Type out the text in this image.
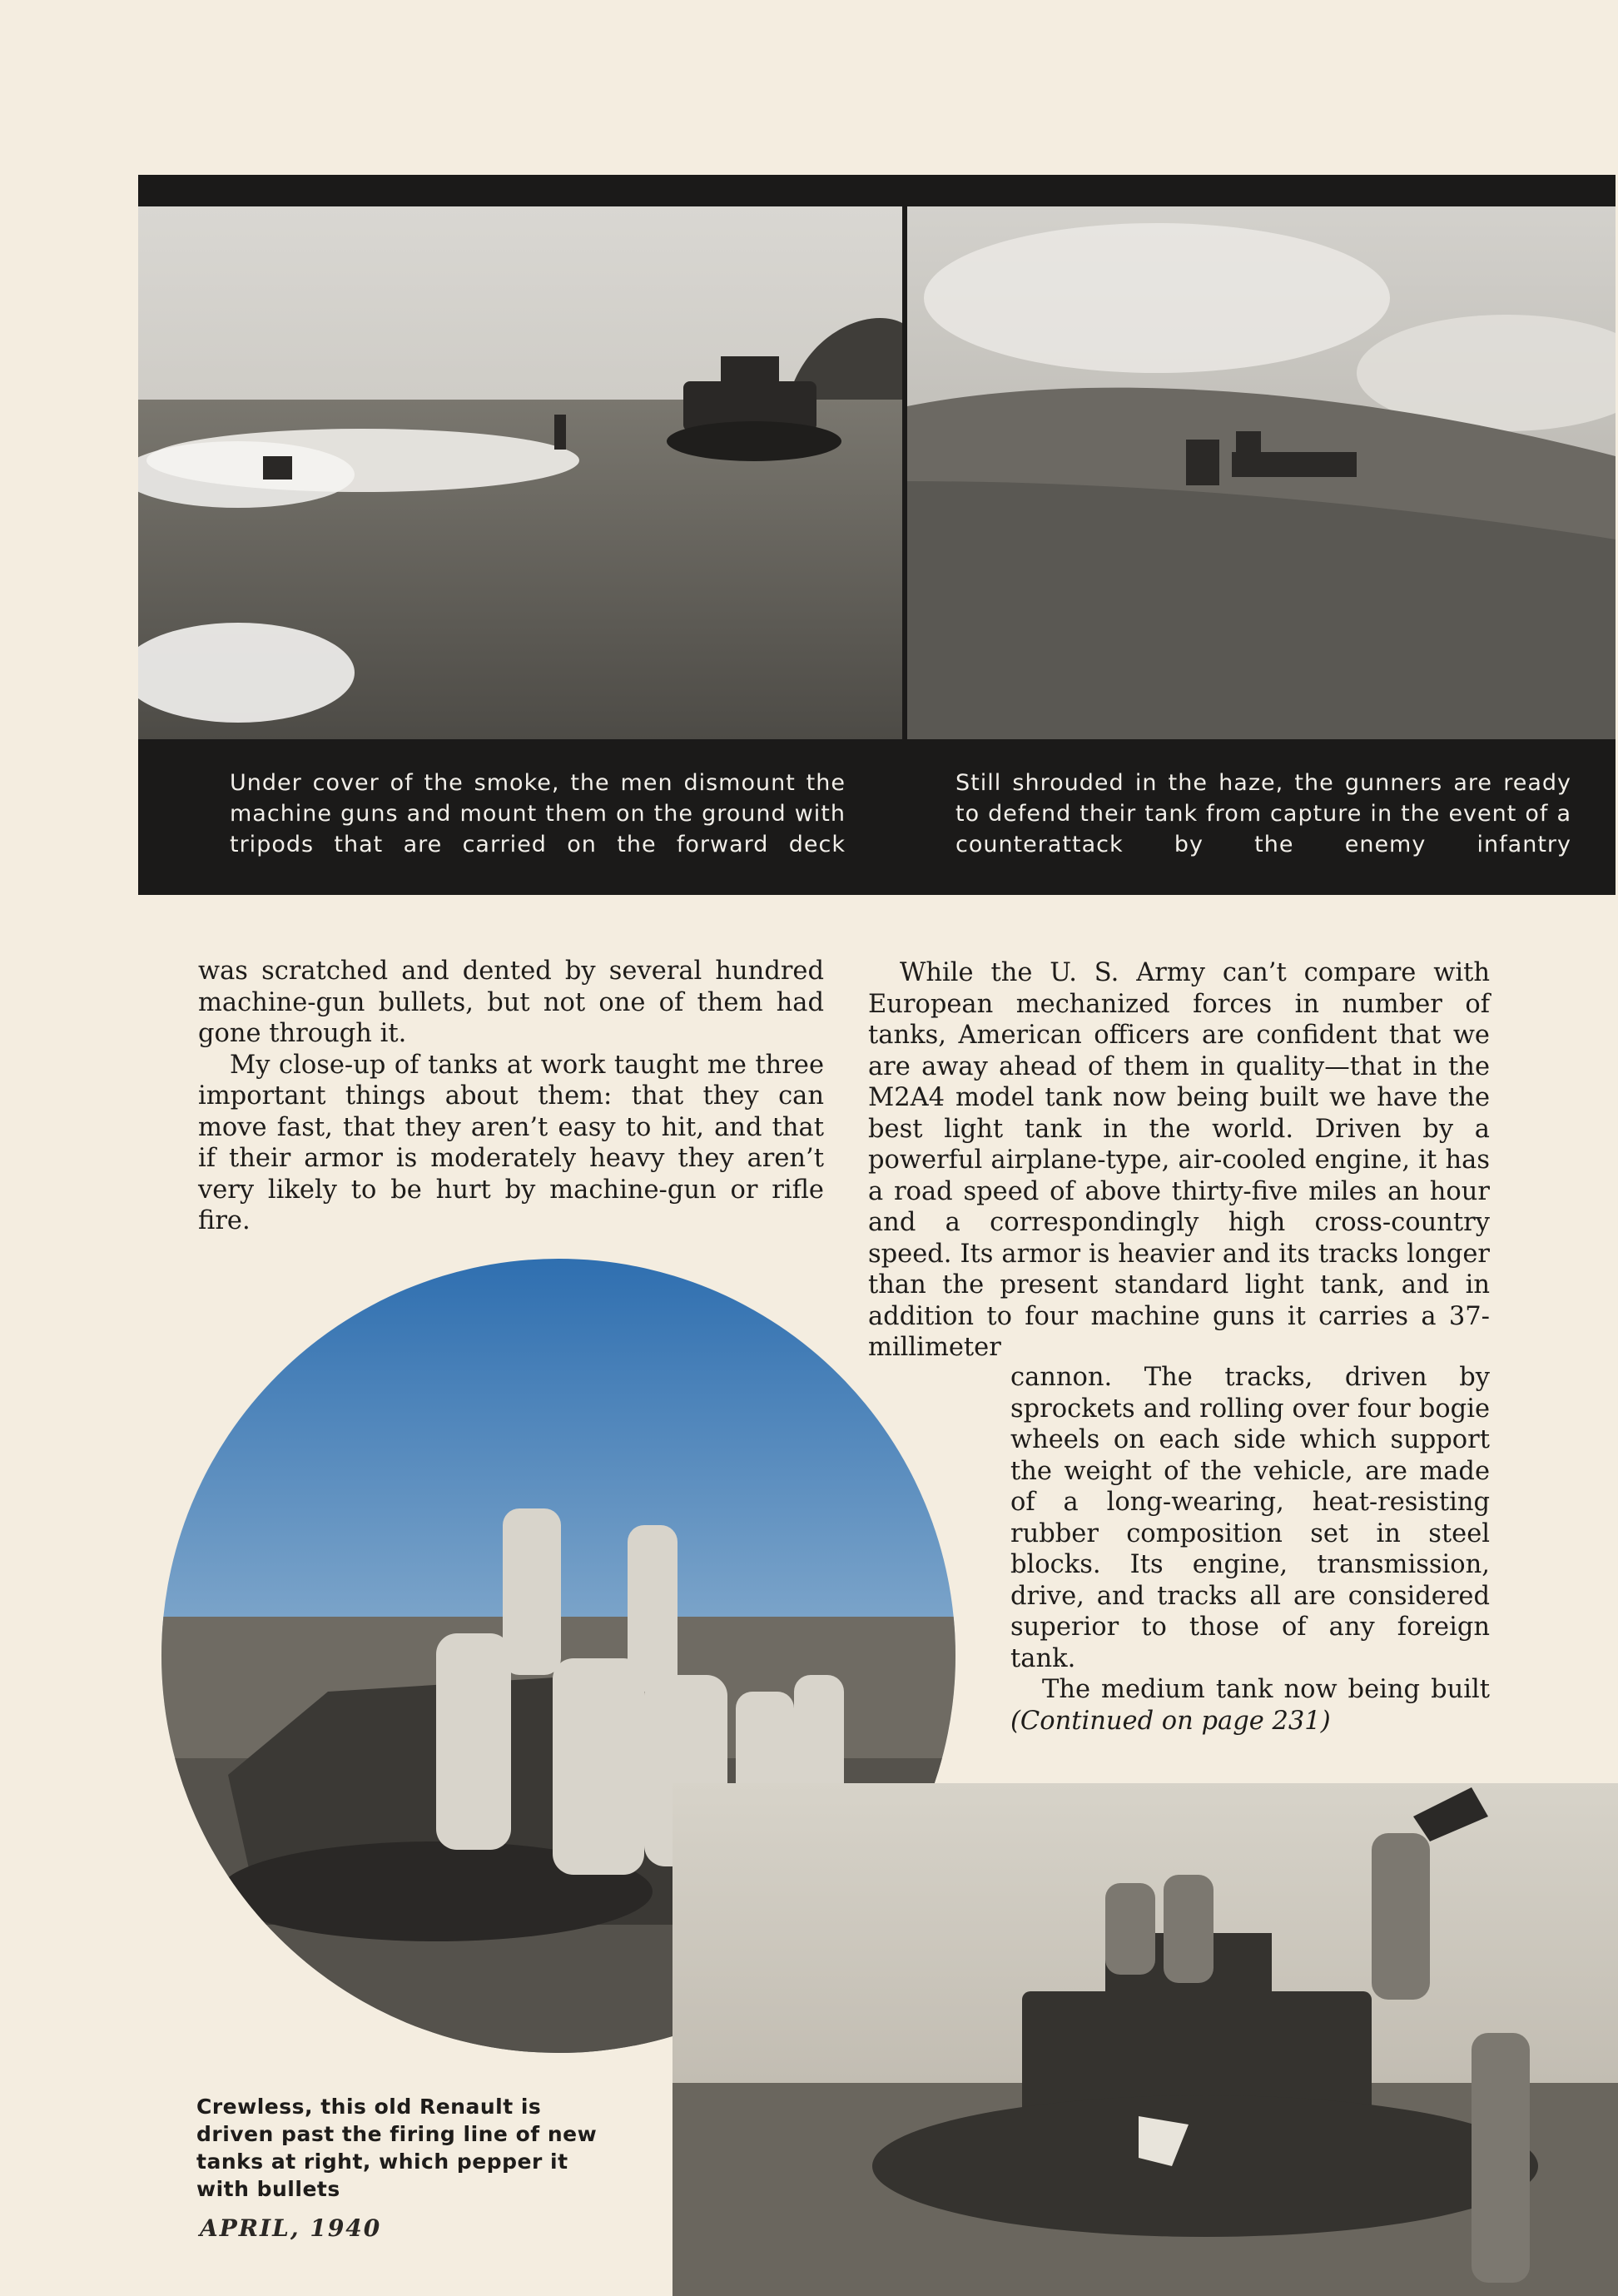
Under cover of the smoke, the men dismount the machine guns and mount them on the ground with tripods that are carried on the forward deck
Still shrouded in the haze, the gunners are ready to defend their tank from capture in the event of a counterattack by the enemy infantry

was scratched and dented by several hundred machine-gun bullets, but not one of them had gone through it.

My close-up of tanks at work taught me three important things about them: that they can move fast, that they aren’t easy to hit, and that if their armor is moderately heavy they aren’t very likely to be hurt by machine-gun or rifle fire.

While the U. S. Army can’t compare with European mechanized forces in number of tanks, American officers are confident that we are away ahead of them in quality—that in the M2A4 model tank now being built we have the best light tank in the world. Driven by a powerful airplane-type, air-cooled engine, it has a road speed of above thirty-five miles an hour and a correspondingly high cross-country speed. Its armor is heavier and its tracks longer than the present standard light tank, and in addition to four machine guns it carries a 37-millimeter

cannon. The tracks, driven by sprockets and rolling over four bogie wheels on each side which support the weight of the vehicle, are made of a long-wearing, heat-resisting rubber composition set in steel blocks. Its engine, transmission, drive, and tracks all are considered superior to those of any foreign tank.

The medium tank now being built (Continued on page 231)

Crewless, this old Renault is driven past the firing line of new tanks at right, which pepper it with bullets
APRIL, 1940
